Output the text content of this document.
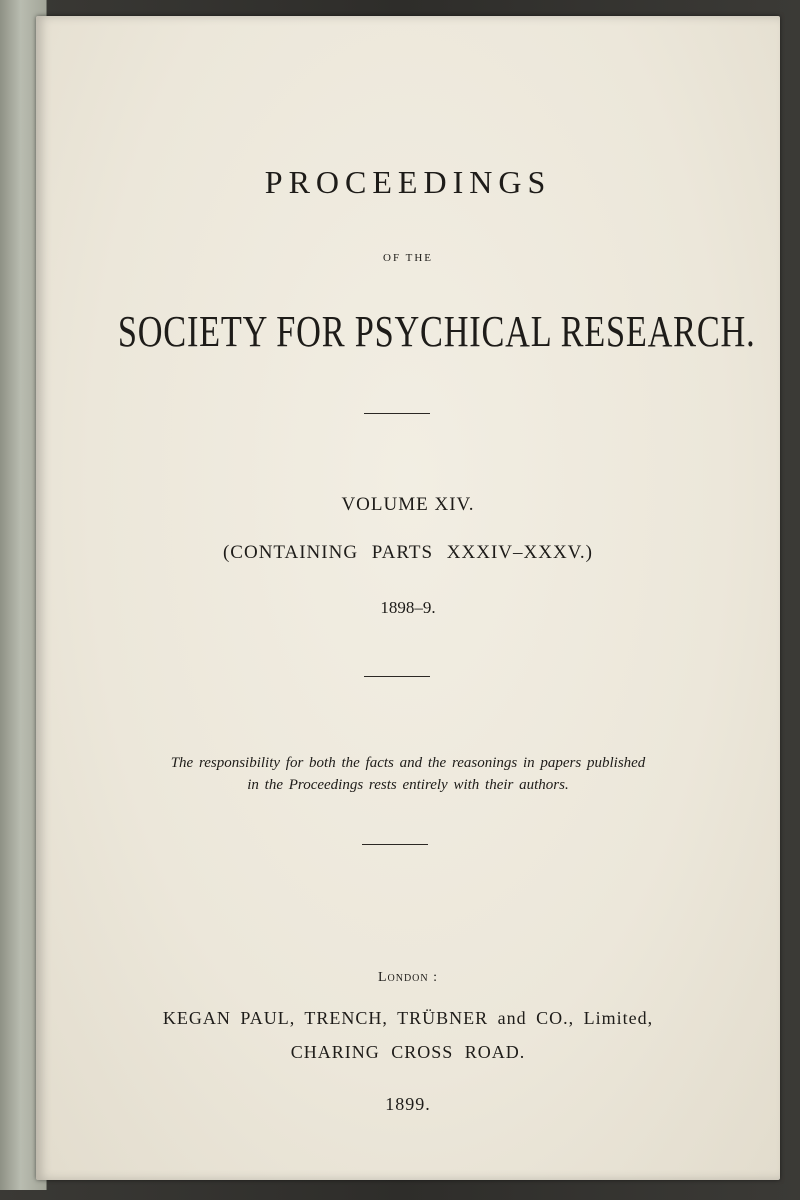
PROCEEDINGS
OF THE
SOCIETY FOR PSYCHICAL RESEARCH.
VOLUME XIV.
(CONTAINING PARTS XXXIV–XXXV.)
1898–9.
The responsibility for both the facts and the reasonings in papers published
in the Proceedings rests entirely with their authors.
London :
KEGAN PAUL, TRENCH, TRÜBNER and CO., Limited,
CHARING CROSS ROAD.
1899.
